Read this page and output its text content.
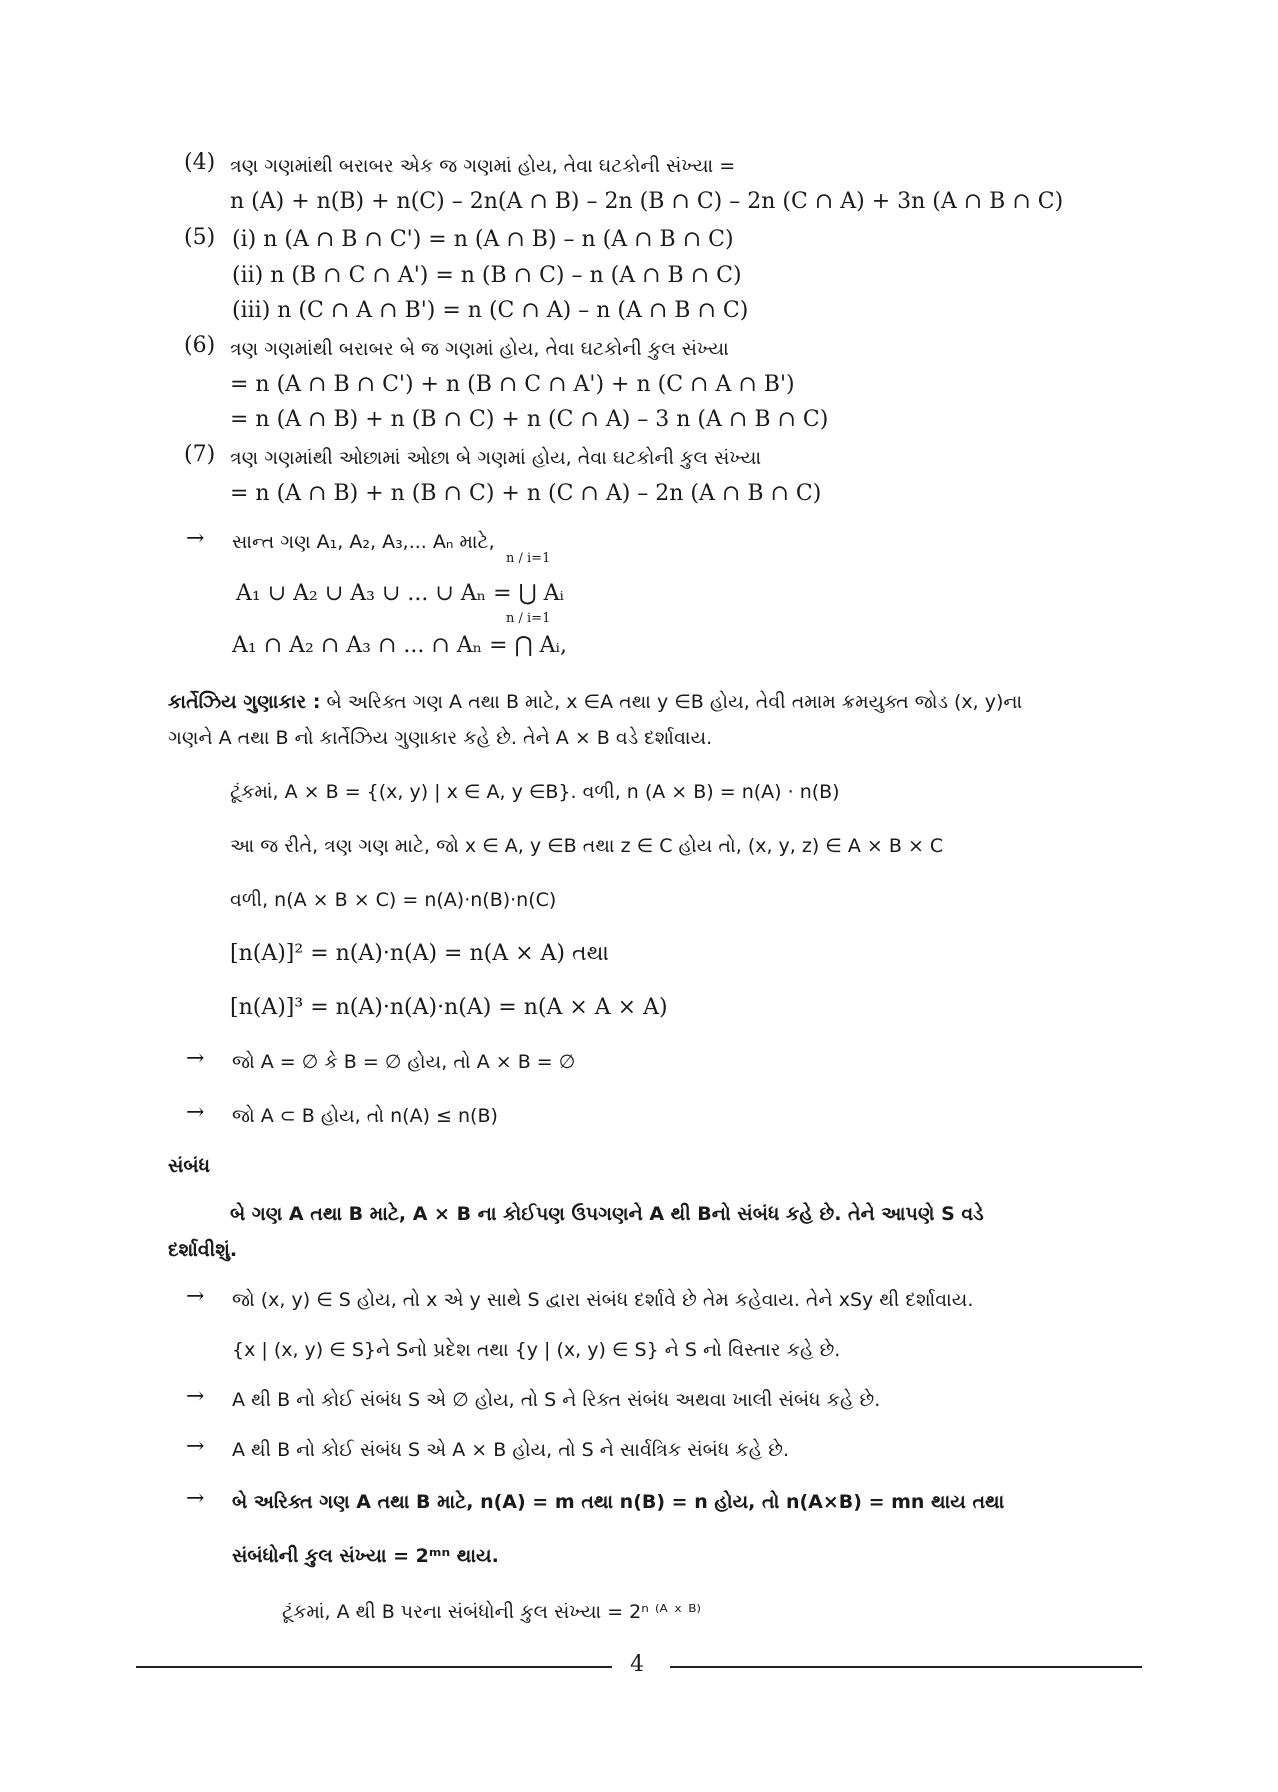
(4) ત્રણ ગણમાંથી બરાબર એક જ ગણમાં હોય, તેવા ઘટકોની સંખ્યા =
n (A) + n(B) + n(C) – 2n(A ∩ B) – 2n (B ∩ C) – 2n (C ∩ A) + 3n (A ∩ B ∩ C)
(5) (i) n (A ∩ B ∩ C') = n (A ∩ B) – n (A ∩ B ∩ C)
(ii) n (B ∩ C ∩ A') = n (B ∩ C) – n (A ∩ B ∩ C)
(iii) n (C ∩ A ∩ B') = n (C ∩ A) – n (A ∩ B ∩ C)
(6) ત્રણ ગણમાંથી બરાબર બે જ ગણમાં હોય, તેવા ઘટકોની કુલ સંખ્યા
= n (A ∩ B ∩ C') + n (B ∩ C ∩ A') + n (C ∩ A ∩ B')
= n (A ∩ B) + n (B ∩ C) + n (C ∩ A) – 3 n (A ∩ B ∩ C)
(7) ત્રણ ગણમાંથી ઓછામાં ઓછા બે ગણમાં હોય, તેવા ઘટકોની કુલ સંખ્યા
= n (A ∩ B) + n (B ∩ C) + n (C ∩ A) – 2n (A ∩ B ∩ C)
→ સાન્ત ગણ A₁, A₂, A₃,... Aₙ માટે,
A₁ ∪ A₂ ∪ A₃ ∪ ... ∪ Aₙ = ⋃ Aᵢ
n / i=1
A₁ ∩ A₂ ∩ A₃ ∩ ... ∩ Aₙ = ⋂ Aᵢ,
n / i=1
કાર્તેઝિય ગુણાકાર : બે અરિક્ત ગણ A તથા B માટે, x ∈A તથા y ∈B હોય, તેવી તમામ ક્રમયુક્ત જોડ (x, y)ના
ગણને A તથા B નો કાર્તેઝિય ગુણાકાર કહે છે. તેને A × B વડે દર્શાવાય.
ટૂંકમાં, A × B = {(x, y) | x ∈ A, y ∈B}. વળી, n (A × B) = n(A) · n(B)
આ જ રીતે, ત્રણ ગણ માટે, જો x ∈ A, y ∈B તથા z ∈ C હોય તો, (x, y, z) ∈ A × B × C
વળી, n(A × B × C) = n(A)·n(B)·n(C)
[n(A)]² = n(A)·n(A) = n(A × A) તથા
[n(A)]³ = n(A)·n(A)·n(A) = n(A × A × A)
→ જો A = ∅ કે B = ∅ હોય, તો A × B = ∅
→ જો A ⊂ B હોય, તો n(A) ≤ n(B)
સંબંધ
બે ગણ A તથા B માટે, A × B ના કોઈપણ ઉપગણને A થી Bનો સંબંધ કહે છે. તેને આપણે S વડે
દર્શાવીશું.
→ જો (x, y) ∈ S હોય, તો x એ y સાથે S દ્વારા સંબંધ દર્શાવે છે તેમ કહેવાય. તેને xSy થી દર્શાવાય.
{x | (x, y) ∈ S}ને Sનો પ્રદેશ તથા {y | (x, y) ∈ S} ને S નો વિસ્તાર કહે છે.
→ A થી B નો કોઈ સંબંધ S એ ∅ હોય, તો S ને રિક્ત સંબંધ અથવા ખાલી સંબંધ કહે છે.
→ A થી B નો કોઈ સંબંધ S એ A × B હોય, તો S ને સાર્વત્રિક સંબંધ કહે છે.
→ બે અરિક્ત ગણ A તથા B માટે, n(A) = m તથા n(B) = n હોય, તો n(A×B) = mn થાય તથા
સંબંધોની કુલ સંખ્યા = 2ᵐⁿ થાય.
ટૂંકમાં, A થી B પરના સંબંધોની કુલ સંખ્યા = 2ⁿ ⁽ᴬ ˣ ᴮ⁾
4
